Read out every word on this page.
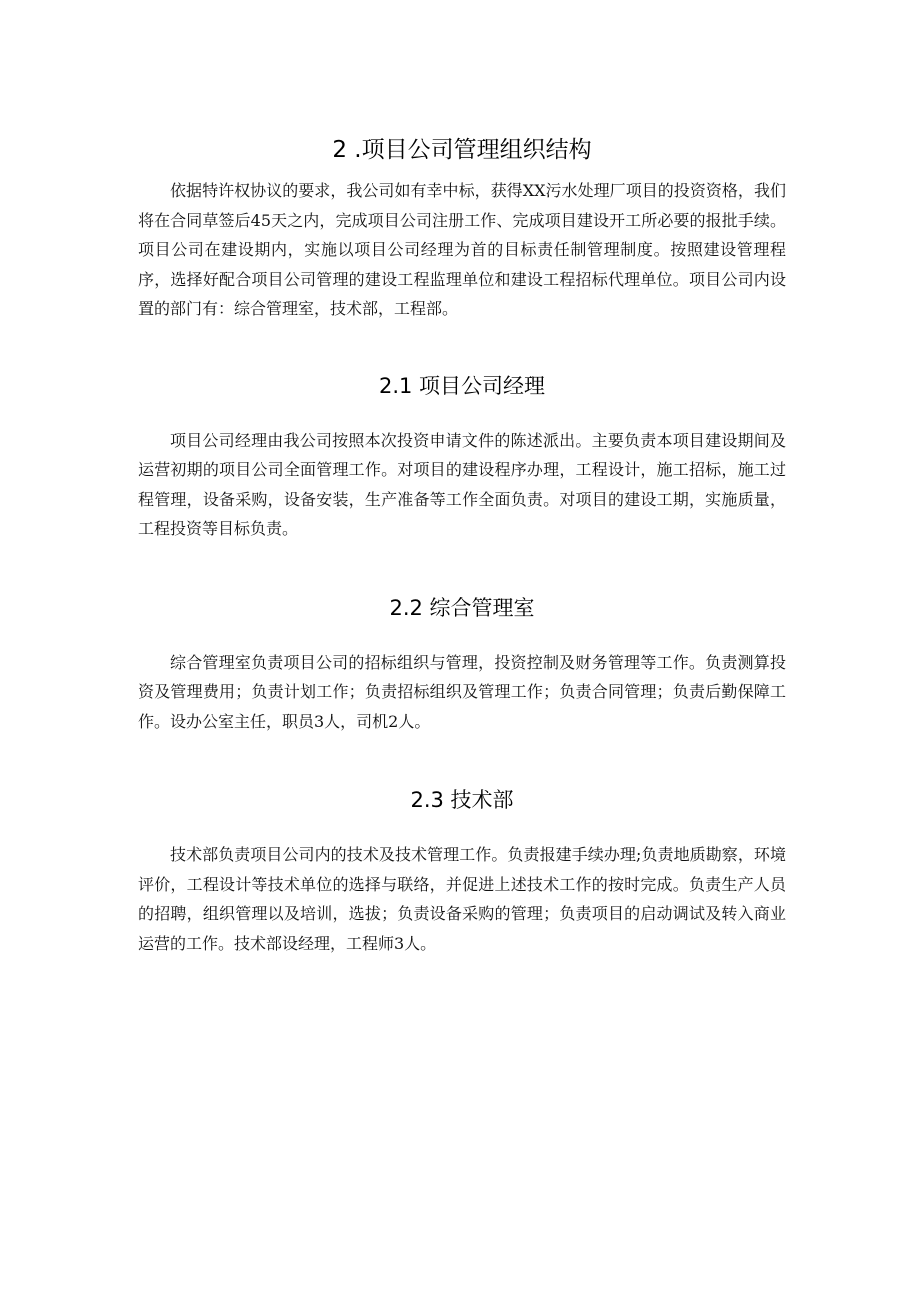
2 .项目公司管理组织结构

依据特许权协议的要求，我公司如有幸中标，获得XX污水处理厂项目的投资资格，我们将在合同草签后45天之内，完成项目公司注册工作、完成项目建设开工所必要的报批手续。项目公司在建设期内，实施以项目公司经理为首的目标责任制管理制度。按照建设管理程序，选择好配合项目公司管理的建设工程监理单位和建设工程招标代理单位。项目公司内设置的部门有：综合管理室，技术部，工程部。

2.1 项目公司经理

项目公司经理由我公司按照本次投资申请文件的陈述派出。主要负责本项目建设期间及运营初期的项目公司全面管理工作。对项目的建设程序办理，工程设计，施工招标，施工过程管理，设备采购，设备安装，生产准备等工作全面负责。对项目的建设工期，实施质量，工程投资等目标负责。

2.2 综合管理室

综合管理室负责项目公司的招标组织与管理，投资控制及财务管理等工作。负责测算投资及管理费用；负责计划工作；负责招标组织及管理工作；负责合同管理；负责后勤保障工作。设办公室主任，职员3人，司机2人。

2.3 技术部

技术部负责项目公司内的技术及技术管理工作。负责报建手续办理;负责地质勘察，环境评价，工程设计等技术单位的选择与联络，并促进上述技术工作的按时完成。负责生产人员的招聘，组织管理以及培训，选拔；负责设备采购的管理；负责项目的启动调试及转入商业运营的工作。技术部设经理，工程师3人。
